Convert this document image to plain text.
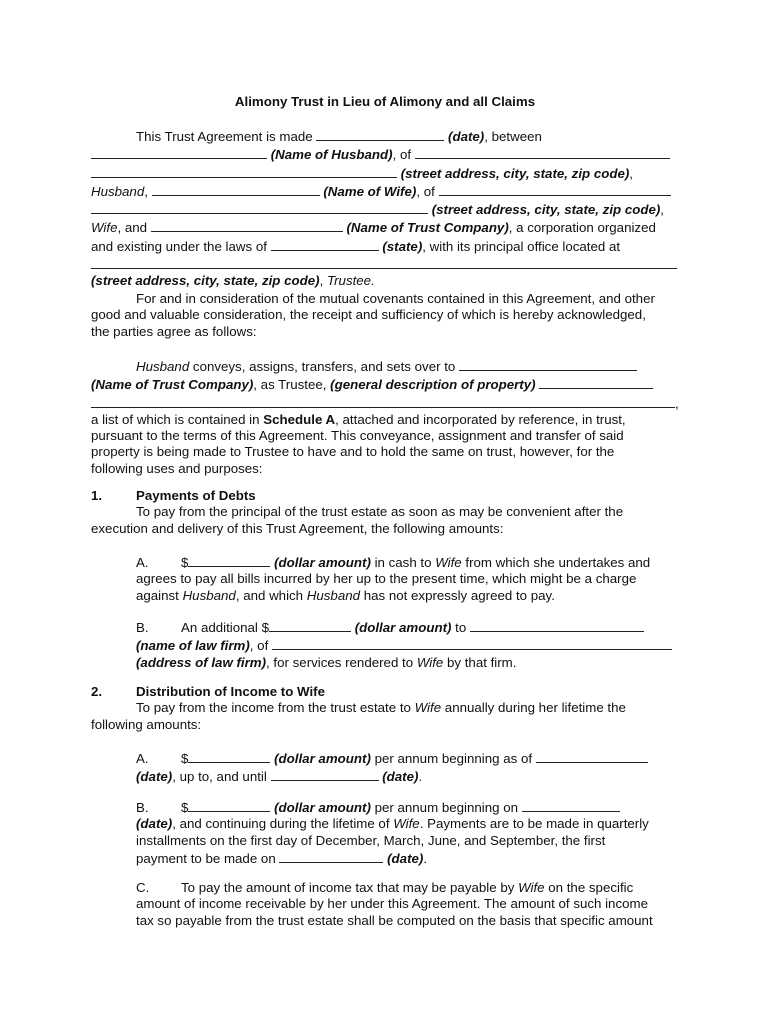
Alimony Trust in Lieu of Alimony and all Claims
This Trust Agreement is made	(date), between
(Name of Husband), of
(street address, city, state, zip code),
Husband,	(Name of Wife), of
(street address, city, state, zip code),
Wife, and	(Name of Trust Company), a corporation organized
and existing under the laws of	(state), with its principal office located at
(street address, city, state, zip code), Trustee.
For and in consideration of the mutual covenants contained in this Agreement, and other
good and valuable consideration, the receipt and sufficiency of which is hereby acknowledged,
the parties agree as follows:
Husband conveys, assigns, transfers, and sets over to
(Name of Trust Company), as Trustee, (general description of property)
,
a list of which is contained in Schedule A, attached and incorporated by reference, in trust,
pursuant to the terms of this Agreement. This conveyance, assignment and transfer of said
property is being made to Trustee to have and to hold the same on trust, however, for the
following uses and purposes:
1.	Payments of Debts
To pay from the principal of the trust estate as soon as may be convenient after the
execution and delivery of this Trust Agreement, the following amounts:
A. $	(dollar amount) in cash to Wife from which she undertakes and
agrees to pay all bills incurred by her up to the present time, which might be a charge
against Husband, and which Husband has not expressly agreed to pay.
B. An additional $	(dollar amount) to
(name of law firm), of
(address of law firm), for services rendered to Wife by that firm.
2.	Distribution of Income to Wife
To pay from the income from the trust estate to Wife annually during her lifetime the
following amounts:
A. $	(dollar amount) per annum beginning as of
(date), up to, and until	(date).
B. $	(dollar amount) per annum beginning on
(date), and continuing during the lifetime of Wife. Payments are to be made in quarterly
installments on the first day of December, March, June, and September, the first
payment to be made on	(date).
C. To pay the amount of income tax that may be payable by Wife on the specific
amount of income receivable by her under this Agreement. The amount of such income
tax so payable from the trust estate shall be computed on the basis that specific amount
